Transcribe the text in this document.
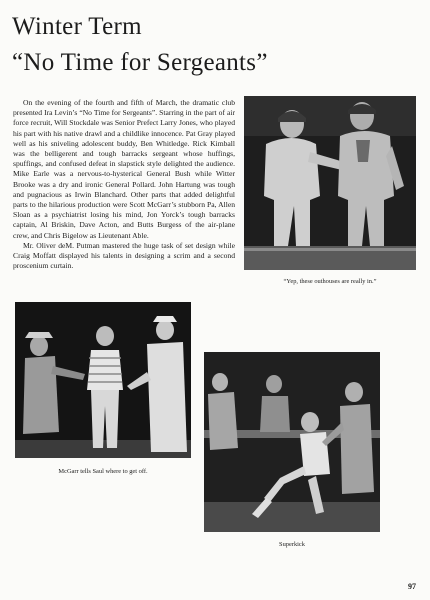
Winter Term
“No Time for Sergeants”

On the evening of the fourth and fifth of March, the dramatic club presented Ira Levin’s “No Time for Sergeants”. Starring in the part of air force recruit, Will Stockdale was Senior Prefect Larry Jones, who played his part with his native drawl and a childlike innocence. Pat Gray played well as his sniveling adolescent buddy, Ben Whitledge. Rick Kimball was the belligerent and tough barracks sergeant whose huffings, spuffings, and confused defeat in slapstick style delighted the audience. Mike Earle was a nervous-to-hysterical General Bush while Witter Brooke was a dry and ironic General Pollard. John Hartung was tough and pugnacious as Irwin Blanchard. Other parts that added delightful parts to the hilarious production were Scott McGarr’s stubborn Pa, Allen Sloan as a psychiatrist losing his mind, Jon Yorck’s tough barracks captain, Al Briskin, Dave Acton, and Butts Burgess of the air-plane crew, and Chris Bigelow as Lieutenant Able.

Mr. Oliver deM. Putman mastered the huge task of set design while Craig Moffatt displayed his talents in designing a scrim and a second proscenium curtain.

“Yep, these outhouses are really in.”
McGarr tells Saul where to get off.
Superkick
97
